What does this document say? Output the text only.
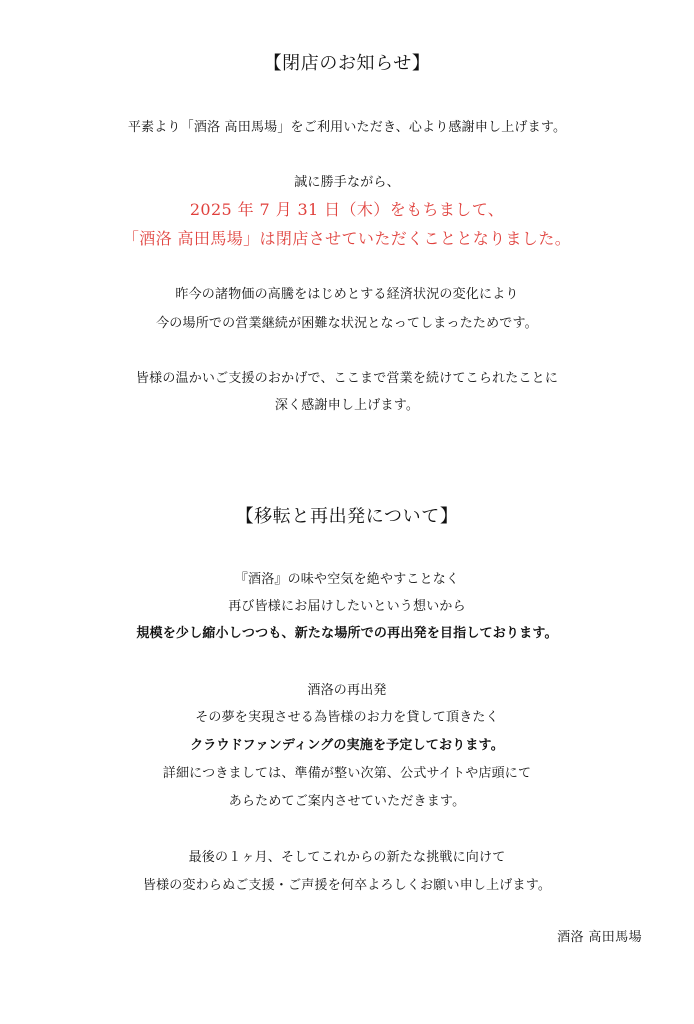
【閉店のお知らせ】
平素より「酒洛 高田馬場」をご利用いただき、心より感謝申し上げます。
誠に勝手ながら、
2025 年 7 月 31 日（木）をもちまして、
「酒洛 高田馬場」は閉店させていただくこととなりました。
昨今の諸物価の高騰をはじめとする経済状況の変化により
今の場所での営業継続が困難な状況となってしまったためです。
皆様の温かいご支援のおかげで、ここまで営業を続けてこられたことに
深く感謝申し上げます。
【移転と再出発について】
『酒洛』の味や空気を絶やすことなく
再び皆様にお届けしたいという想いから
規模を少し縮小しつつも、新たな場所での再出発を目指しております。
酒洛の再出発
その夢を実現させる為皆様のお力を貸して頂きたく
クラウドファンディングの実施を予定しております。
詳細につきましては、準備が整い次第、公式サイトや店頭にて
あらためてご案内させていただきます。
最後の１ヶ月、そしてこれからの新たな挑戦に向けて
皆様の変わらぬご支援・ご声援を何卒よろしくお願い申し上げます。
酒洛 高田馬場
